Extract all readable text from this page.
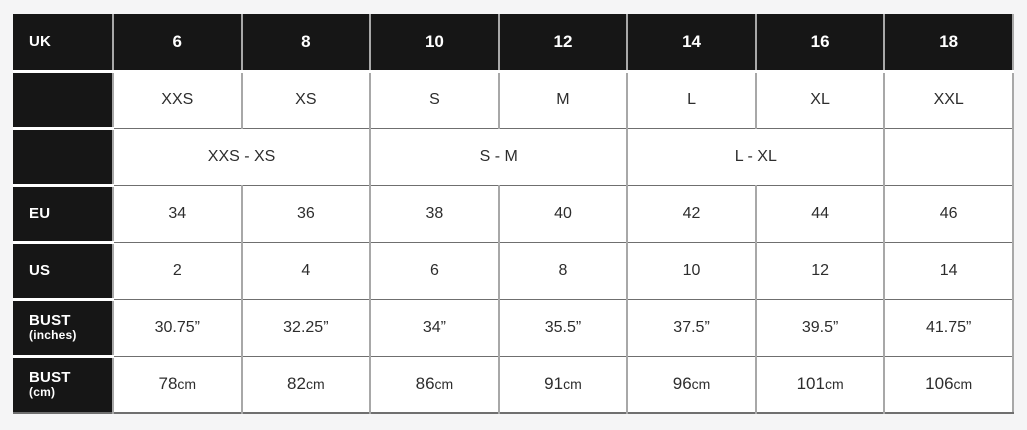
UK	6	8	10	12	14	16	18
	XXS	XS	S	M	L	XL	XXL
	XXS - XS		S - M		L - XL		
EU	34	36	38	40	42	44	46
US	2	4	6	8	10	12	14

BUST
(inches)	30.75”	32.25”	34”	35.5”	37.5”	39.5”	41.75”

BUST
(cm)	78cm	82cm	86cm	91cm	96cm	101cm	106cm
